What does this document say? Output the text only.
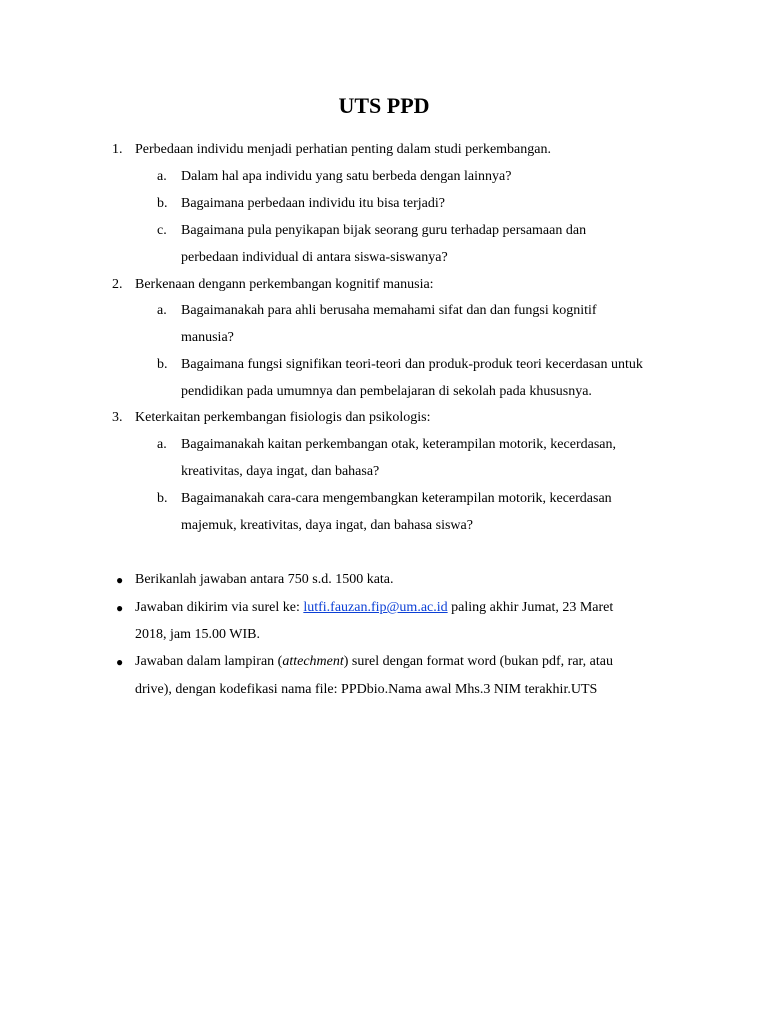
UTS PPD
1. Perbedaan individu menjadi perhatian penting dalam studi perkembangan.
a.	Dalam hal apa individu yang satu berbeda dengan lainnya?
b. Bagaimana perbedaan individu itu bisa terjadi?
c.	Bagaimana pula penyikapan bijak seorang guru terhadap persamaan dan
perbedaan individual di antara siswa-siswanya?
2. Berkenaan dengann perkembangan kognitif manusia:
a.	Bagaimanakah para ahli berusaha memahami sifat dan dan fungsi kognitif
manusia?
b. Bagaimana fungsi signifikan teori-teori dan produk-produk teori kecerdasan untuk
pendidikan pada umumnya dan pembelajaran di sekolah pada khususnya.
3. Keterkaitan perkembangan fisiologis dan psikologis:
a.	Bagaimanakah kaitan perkembangan otak, keterampilan motorik, kecerdasan,
kreativitas, daya ingat, dan bahasa?
b. Bagaimanakah cara-cara mengembangkan keterampilan motorik, kecerdasan
majemuk, kreativitas, daya ingat, dan bahasa siswa?
● Berikanlah jawaban antara 750 s.d. 1500 kata.
● Jawaban dikirim via surel ke: lutfi.fauzan.fip@um.ac.id paling akhir Jumat, 23 Maret
2018, jam 15.00 WIB.
● Jawaban dalam lampiran (attechment) surel dengan format word (bukan pdf, rar, atau
drive), dengan kodefikasi nama file: PPDbio.Nama awal Mhs.3 NIM terakhir.UTS
